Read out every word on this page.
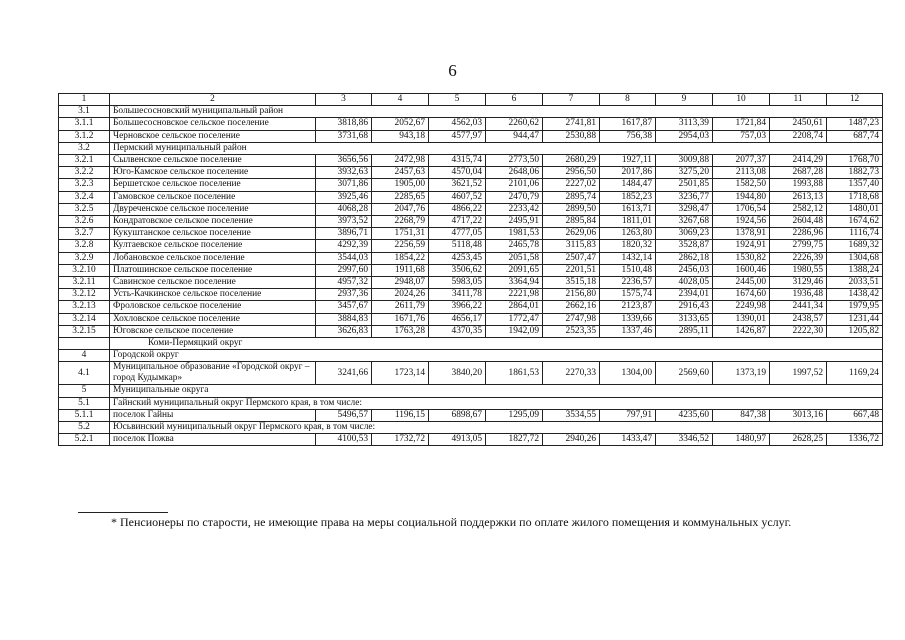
6
1	2	3	4	5	6	7	8	9	10	11	12
3.1	Большесосновский муниципальный район										
3.1.1	Большесосновское сельское поселение	3818,86	2052,67	4562,03	2260,62	2741,81	1617,87	3113,39	1721,84	2450,61	1487,23
3.1.2	Черновское сельское поселение	3731,68	943,18	4577,97	944,47	2530,88	756,38	2954,03	757,03	2208,74	687,74
3.2	Пермский муниципальный район										
3.2.1	Сылвенское сельское поселение	3656,56	2472,98	4315,74	2773,50	2680,29	1927,11	3009,88	2077,37	2414,29	1768,70
3.2.2	Юго-Камское сельское поселение	3932,63	2457,63	4570,04	2648,06	2956,50	2017,86	3275,20	2113,08	2687,28	1882,73
3.2.3	Бершетское сельское поселение	3071,86	1905,00	3621,52	2101,06	2227,02	1484,47	2501,85	1582,50	1993,88	1357,40
3.2.4	Гамовское сельское поселение	3925,46	2285,65	4607,52	2470,79	2895,74	1852,23	3236,77	1944,80	2613,13	1718,68
3.2.5	Двуреченское сельское поселение	4068,28	2047,76	4866,22	2233,42	2899,50	1613,71	3298,47	1706,54	2582,12	1480,01
3.2.6	Кондратовское сельское поселение	3973,52	2268,79	4717,22	2495,91	2895,84	1811,01	3267,68	1924,56	2604,48	1674,62
3.2.7	Кукуштанское сельское поселение	3896,71	1751,31	4777,05	1981,53	2629,06	1263,80	3069,23	1378,91	2286,96	1116,74
3.2.8	Култаевское сельское поселение	4292,39	2256,59	5118,48	2465,78	3115,83	1820,32	3528,87	1924,91	2799,75	1689,32
3.2.9	Лобановское сельское поселение	3544,03	1854,22	4253,45	2051,58	2507,47	1432,14	2862,18	1530,82	2226,39	1304,68
3.2.10	Платошинское сельское поселение	2997,60	1911,68	3506,62	2091,65	2201,51	1510,48	2456,03	1600,46	1980,55	1388,24
3.2.11	Савинское сельское поселение	4957,32	2948,07	5983,05	3364,94	3515,18	2236,57	4028,05	2445,00	3129,46	2033,51
3.2.12	Усть-Качкинское сельское поселение	2937,36	2024,26	3411,78	2221,98	2156,80	1575,74	2394,01	1674,60	1936,48	1438,42
3.2.13	Фроловское сельское поселение	3457,67	2611,79	3966,22	2864,01	2662,16	2123,87	2916,43	2249,98	2441,34	1979,95
3.2.14	Хохловское сельское поселение	3884,83	1671,76	4656,17	1772,47	2747,98	1339,66	3133,65	1390,01	2438,57	1231,44
3.2.15	Юговское сельское поселение	3626,83	1763,28	4370,35	1942,09	2523,35	1337,46	2895,11	1426,87	2222,30	1205,82
	Коми-Пермяцкий округ										
4	Городской округ										
4.1	Муниципальное образование «Городской округ – город Кудымкар»	3241,66	1723,14	3840,20	1861,53	2270,33	1304,00	2569,60	1373,19	1997,52	1169,24
5	Муниципальные округа										
5.1	Гайнский муниципальный округ Пермского края, в том числе:										
5.1.1	поселок Гайны	5496,57	1196,15	6898,67	1295,09	3534,55	797,91	4235,60	847,38	3013,16	667,48
5.2	Юсьвинский муниципальный округ Пермского края, в том числе:										
5.2.1	поселок Пожва	4100,53	1732,72	4913,05	1827,72	2940,26	1433,47	3346,52	1480,97	2628,25	1336,72
* Пенсионеры по старости, не имеющие права на меры социальной поддержки по оплате жилого помещения и коммунальных услуг.
